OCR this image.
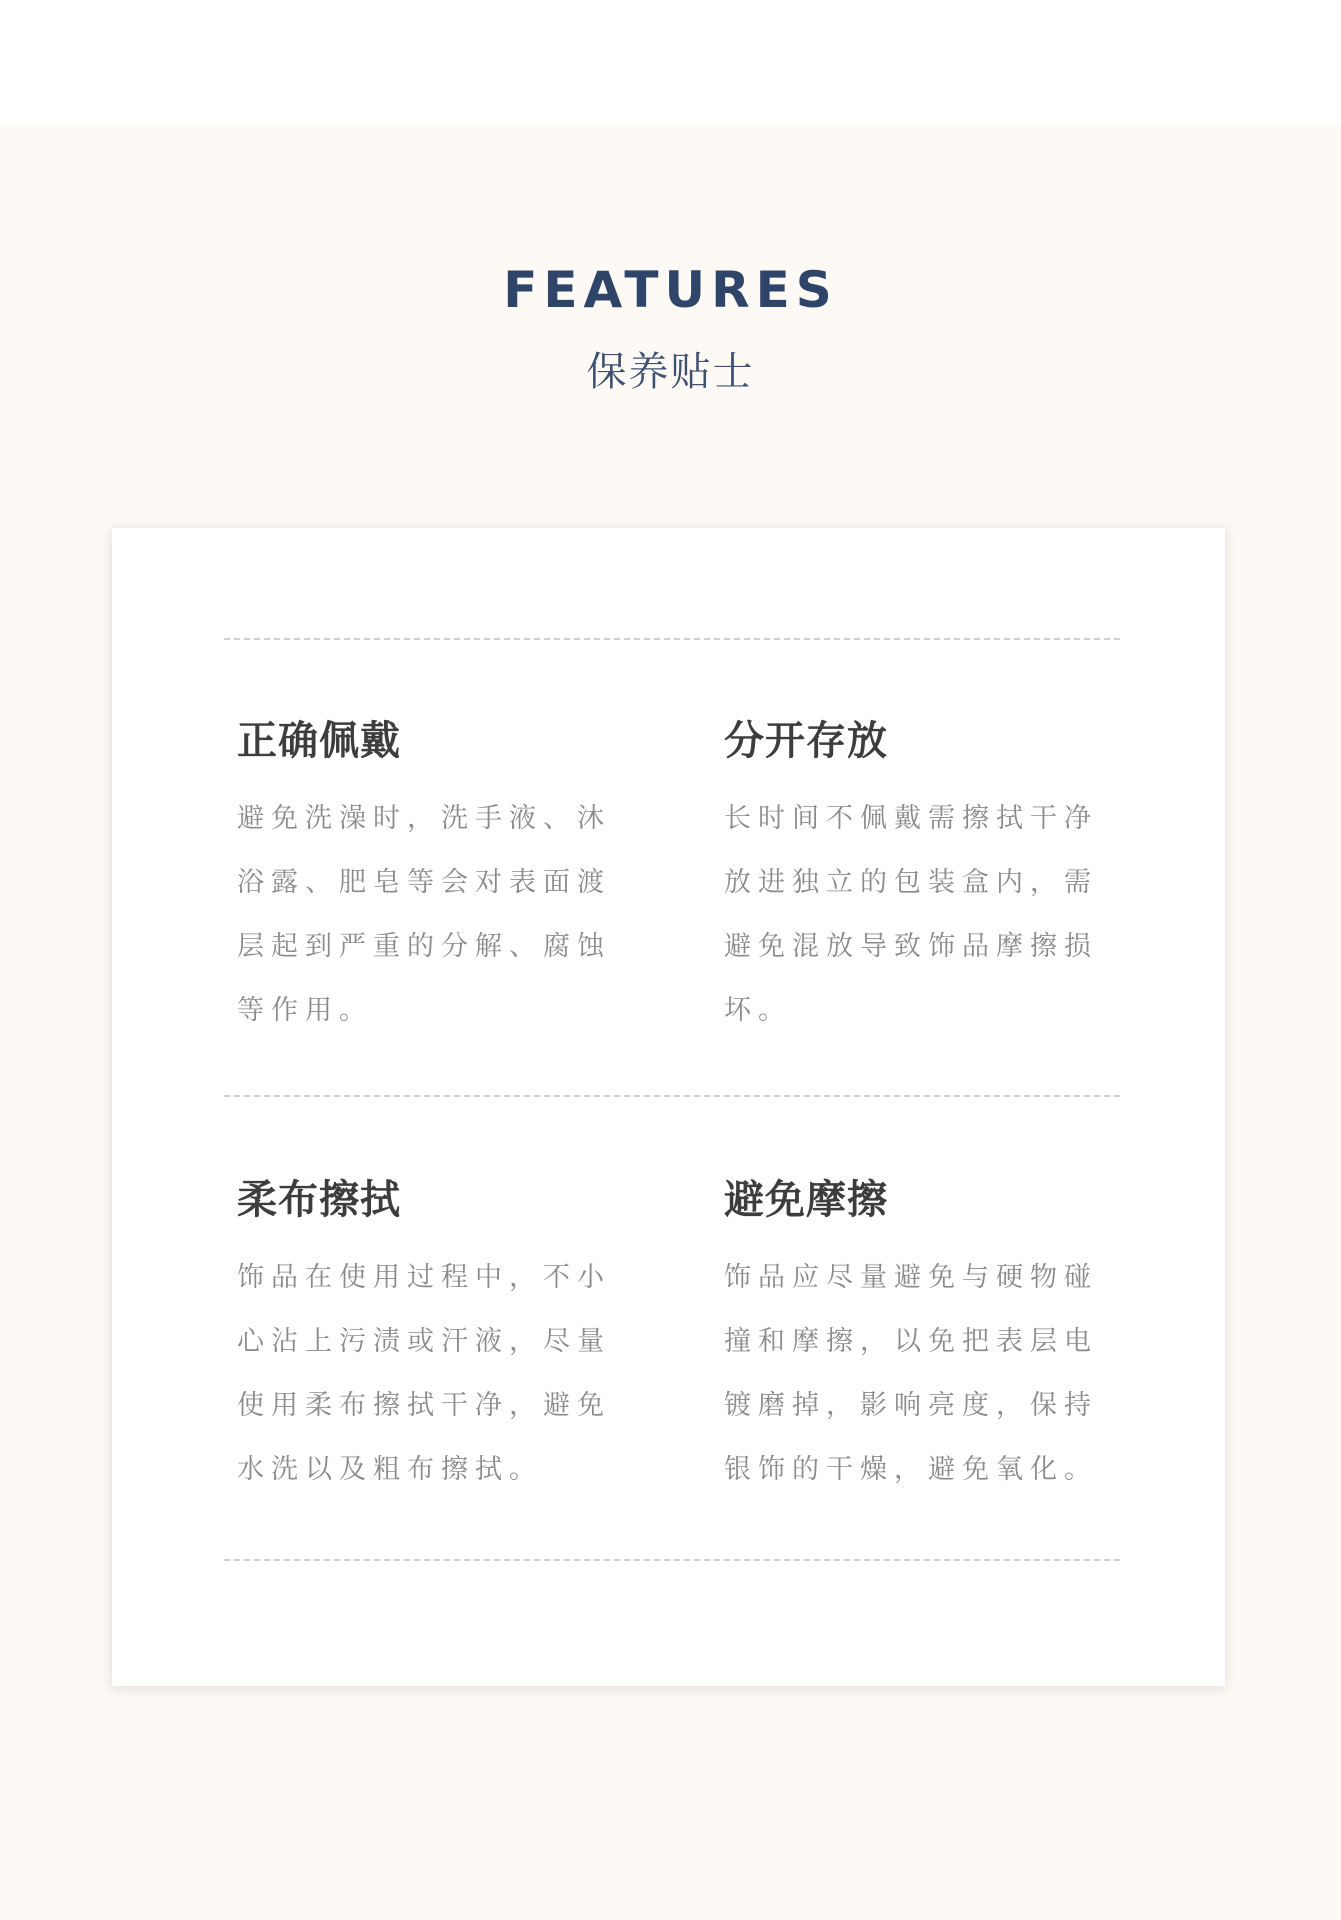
FEATURES
保养贴士
正确佩戴
避免洗澡时，洗手液、沐
浴露、肥皂等会对表面渡
层起到严重的分解、腐蚀
等作用。
分开存放
长时间不佩戴需擦拭干净
放进独立的包装盒内，需
避免混放导致饰品摩擦损
坏。
柔布擦拭
饰品在使用过程中，不小
心沾上污渍或汗液，尽量
使用柔布擦拭干净，避免
水洗以及粗布擦拭。
避免摩擦
饰品应尽量避免与硬物碰
撞和摩擦，以免把表层电
镀磨掉，影响亮度，保持
银饰的干燥，避免氧化。
